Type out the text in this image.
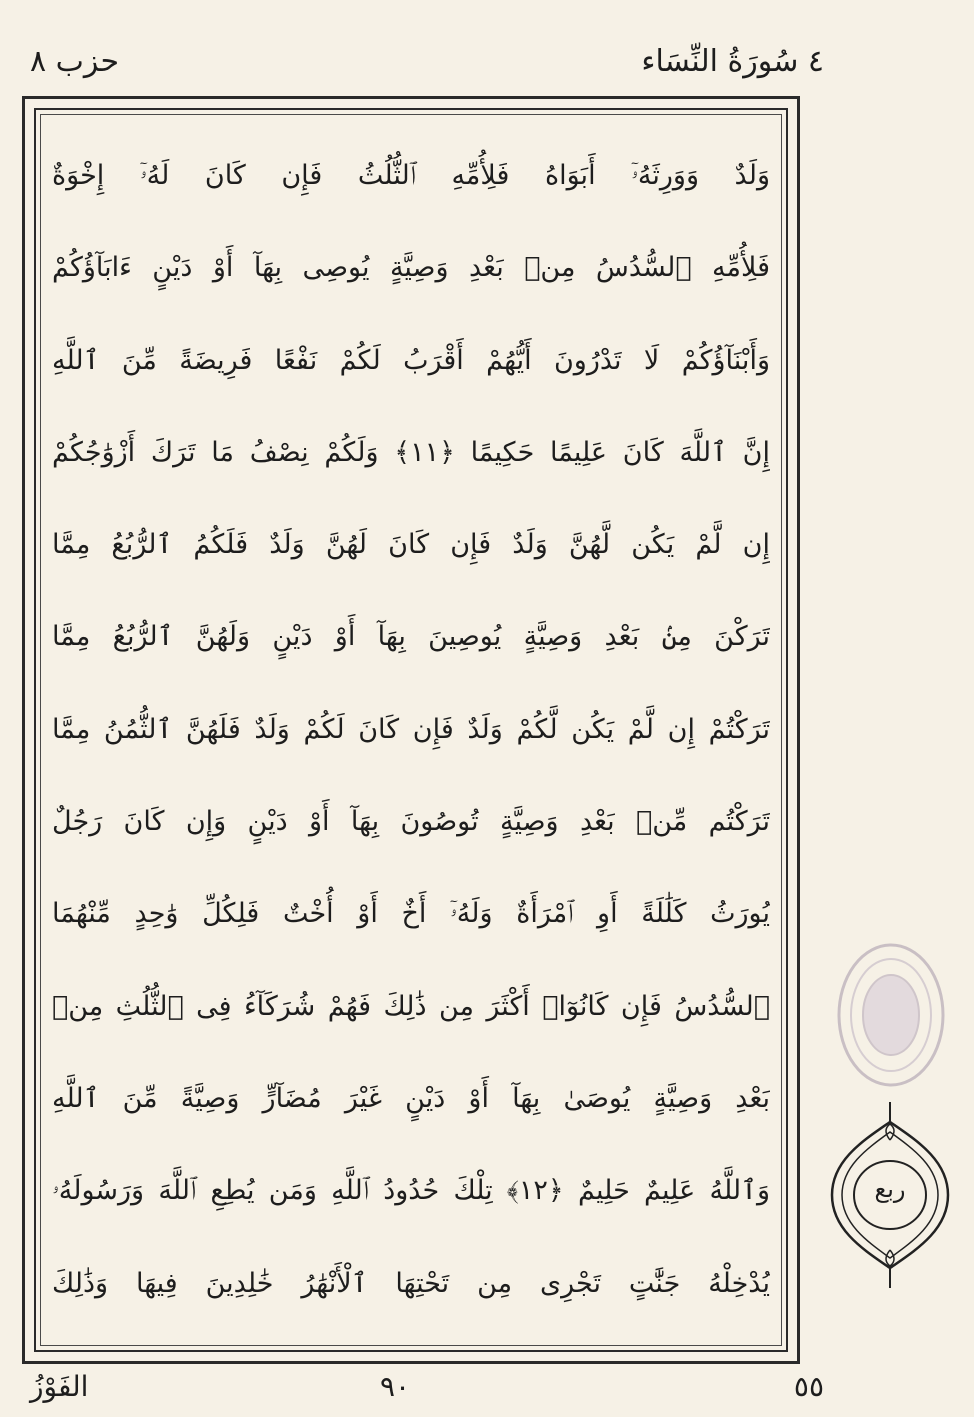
٤ سُورَةُ النِّسَاء
حزب ٨
وَلَدٌ وَوَرِثَهُۥٓ أَبَوَاهُ فَلِأُمِّهِ ٱلثُّلُثُ فَإِن كَانَ لَهُۥٓ إِخْوَةٌ
فَلِأُمِّهِ ٱلسُّدُسُ مِنۢ بَعْدِ وَصِيَّةٍ يُوصِى بِهَآ أَوْ دَيْنٍ ءَابَآؤُكُمْ
وَأَبْنَآؤُكُمْ لَا تَدْرُونَ أَيُّهُمْ أَقْرَبُ لَكُمْ نَفْعًا فَرِيضَةً مِّنَ ٱللَّهِ
إِنَّ ٱللَّهَ كَانَ عَلِيمًا حَكِيمًا ﴿١١﴾ وَلَكُمْ نِصْفُ مَا تَرَكَ أَزْوَٰجُكُمْ
إِن لَّمْ يَكُن لَّهُنَّ وَلَدٌ فَإِن كَانَ لَهُنَّ وَلَدٌ فَلَكُمُ ٱلرُّبُعُ مِمَّا
تَرَكْنَ مِنۢ بَعْدِ وَصِيَّةٍ يُوصِينَ بِهَآ أَوْ دَيْنٍ وَلَهُنَّ ٱلرُّبُعُ مِمَّا
تَرَكْتُمْ إِن لَّمْ يَكُن لَّكُمْ وَلَدٌ فَإِن كَانَ لَكُمْ وَلَدٌ فَلَهُنَّ ٱلثُّمُنُ مِمَّا
تَرَكْتُم مِّنۢ بَعْدِ وَصِيَّةٍ تُوصُونَ بِهَآ أَوْ دَيْنٍ وَإِن كَانَ رَجُلٌ
يُورَثُ كَلَٰلَةً أَوِ ٱمْرَأَةٌ وَلَهُۥٓ أَخٌ أَوْ أُخْتٌ فَلِكُلِّ وَٰحِدٍ مِّنْهُمَا
ٱلسُّدُسُ فَإِن كَانُوٓا۟ أَكْثَرَ مِن ذَٰلِكَ فَهُمْ شُرَكَآءُ فِى ٱلثُّلُثِ مِنۢ
بَعْدِ وَصِيَّةٍ يُوصَىٰ بِهَآ أَوْ دَيْنٍ غَيْرَ مُضَآرٍّ وَصِيَّةً مِّنَ ٱللَّهِ
وَٱللَّهُ عَلِيمٌ حَلِيمٌ ﴿١٢﴾ تِلْكَ حُدُودُ ٱللَّهِ وَمَن يُطِعِ ٱللَّهَ وَرَسُولَهُۥ
يُدْخِلْهُ جَنَّٰتٍ تَجْرِى مِن تَحْتِهَا ٱلْأَنْهَٰرُ خَٰلِدِينَ فِيهَا وَذَٰلِكَ
ربع
الفَوْزُ	٩٠	٥٥
